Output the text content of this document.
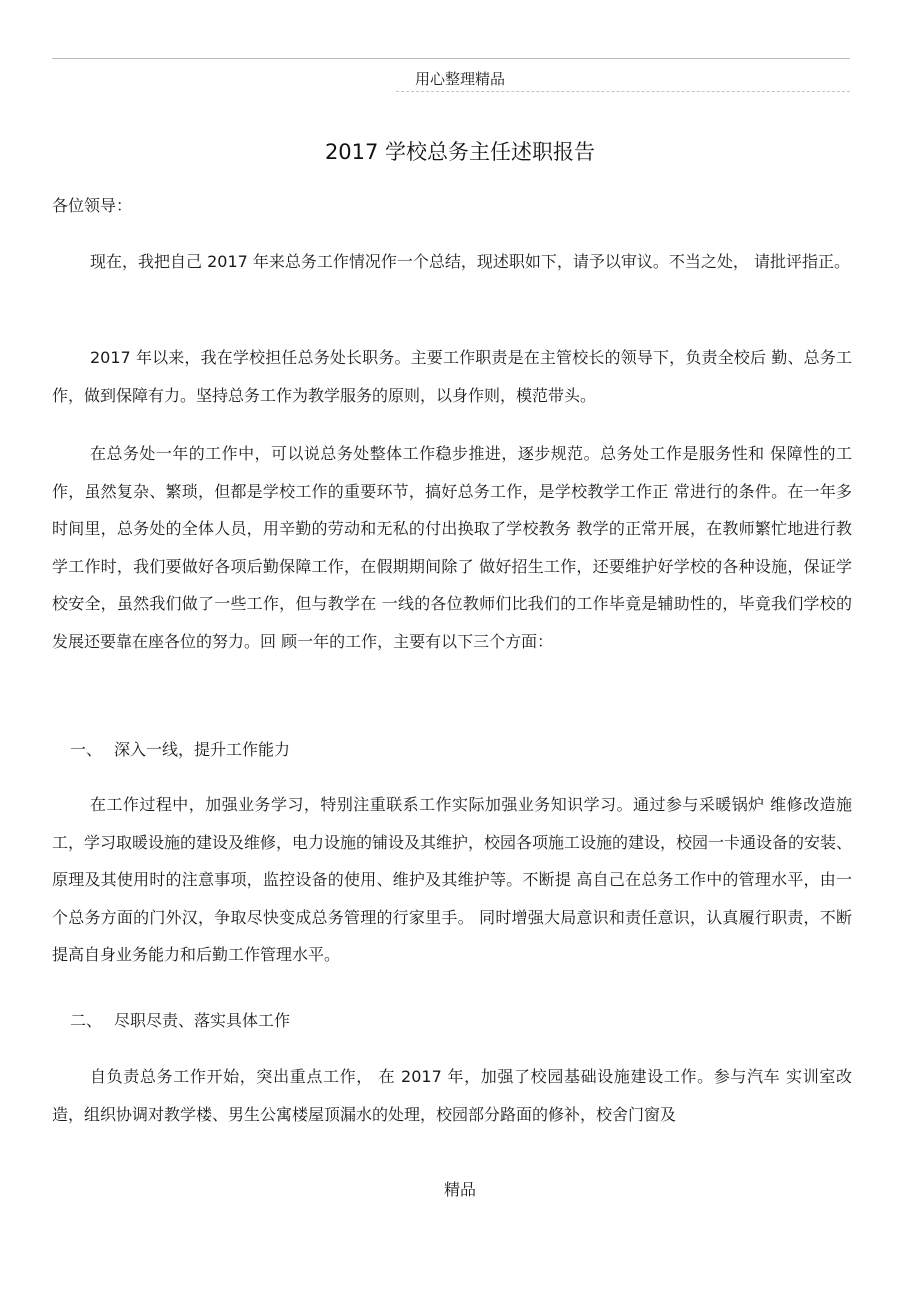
用心整理精品
2017 学校总务主任述职报告
各位领导：

现在，我把自己 2017 年来总务工作情况作一个总结，现述职如下，请予以审议。不当之处， 请批评指正。

2017 年以来，我在学校担任总务处长职务。主要工作职责是在主管校长的领导下，负责全校后 勤、总务工作，做到保障有力。坚持总务工作为教学服务的原则，以身作则，模范带头。

在总务处一年的工作中，可以说总务处整体工作稳步推进，逐步规范。总务处工作是服务性和 保障性的工作，虽然复杂、繁琐，但都是学校工作的重要环节，搞好总务工作，是学校教学工作正 常进行的条件。在一年多时间里，总务处的全体人员，用辛勤的劳动和无私的付出换取了学校教务 教学的正常开展，在教师繁忙地进行教学工作时，我们要做好各项后勤保障工作，在假期期间除了 做好招生工作，还要维护好学校的各种设施，保证学校安全，虽然我们做了一些工作，但与教学在 一线的各位教师们比我们的工作毕竟是辅助性的，毕竟我们学校的发展还要靠在座各位的努力。回 顾一年的工作，主要有以下三个方面：

一、 深入一线，提升工作能力

在工作过程中，加强业务学习，特别注重联系工作实际加强业务知识学习。通过参与采暖锅炉 维修改造施工，学习取暖设施的建设及维修，电力设施的铺设及其维护，校园各项施工设施的建设，校园一卡通设备的安装、原理及其使用时的注意事项，监控设备的使用、维护及其维护等。不断提 高自己在总务工作中的管理水平，由一个总务方面的门外汉，争取尽快变成总务管理的行家里手。 同时增强大局意识和责任意识，认真履行职责，不断提高自身业务能力和后勤工作管理水平。

二、 尽职尽责、落实具体工作

自负责总务工作开始，突出重点工作， 在 2017 年，加强了校园基础设施建设工作。参与汽车 实训室改造，组织协调对教学楼、男生公寓楼屋顶漏水的处理，校园部分路面的修补，校舍门窗及

精品
